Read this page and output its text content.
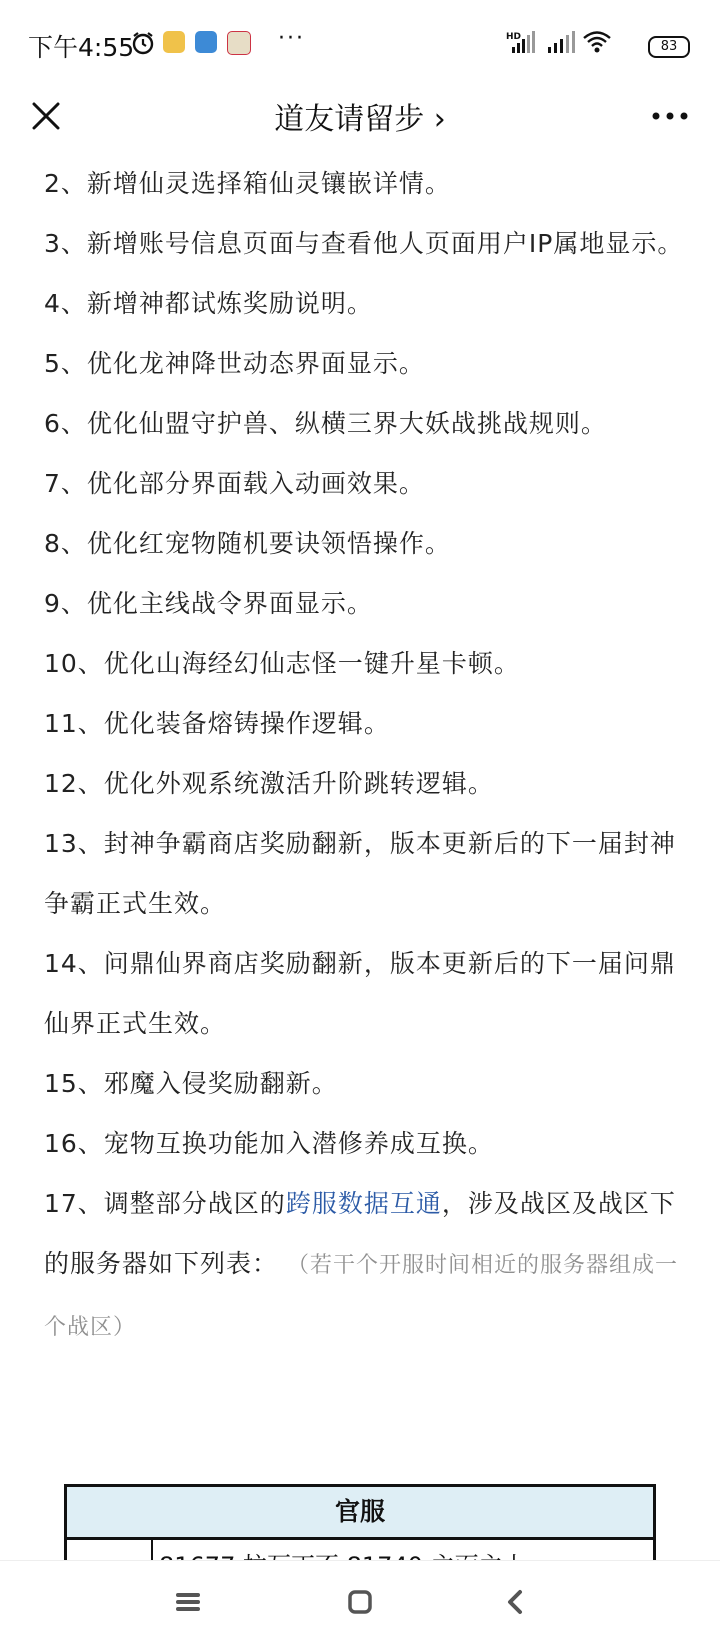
下午4:55	···	HD
83
道友请留步 ›

2、新增仙灵选择箱仙灵镶嵌详情。

3、新增账号信息页面与查看他人页面用户IP属地显示。

4、新增神都试炼奖励说明。

5、优化龙神降世动态界面显示。

6、优化仙盟守护兽、纵横三界大妖战挑战规则。

7、优化部分界面载入动画效果。

8、优化红宠物随机要诀领悟操作。

9、优化主线战令界面显示。

10、优化山海经幻仙志怪一键升星卡顿。

11、优化装备熔铸操作逻辑。

12、优化外观系统激活升阶跳转逻辑。

13、封神争霸商店奖励翻新，版本更新后的下一届封神争霸正式生效。

14、问鼎仙界商店奖励翻新，版本更新后的下一届问鼎仙界正式生效。

15、邪魔入侵奖励翻新。

16、宠物互换功能加入潜修养成互换。

17、调整部分战区的跨服数据互通，涉及战区及战区下的服务器如下列表： （若干个开服时间相近的服务器组成一个战区）

官服
